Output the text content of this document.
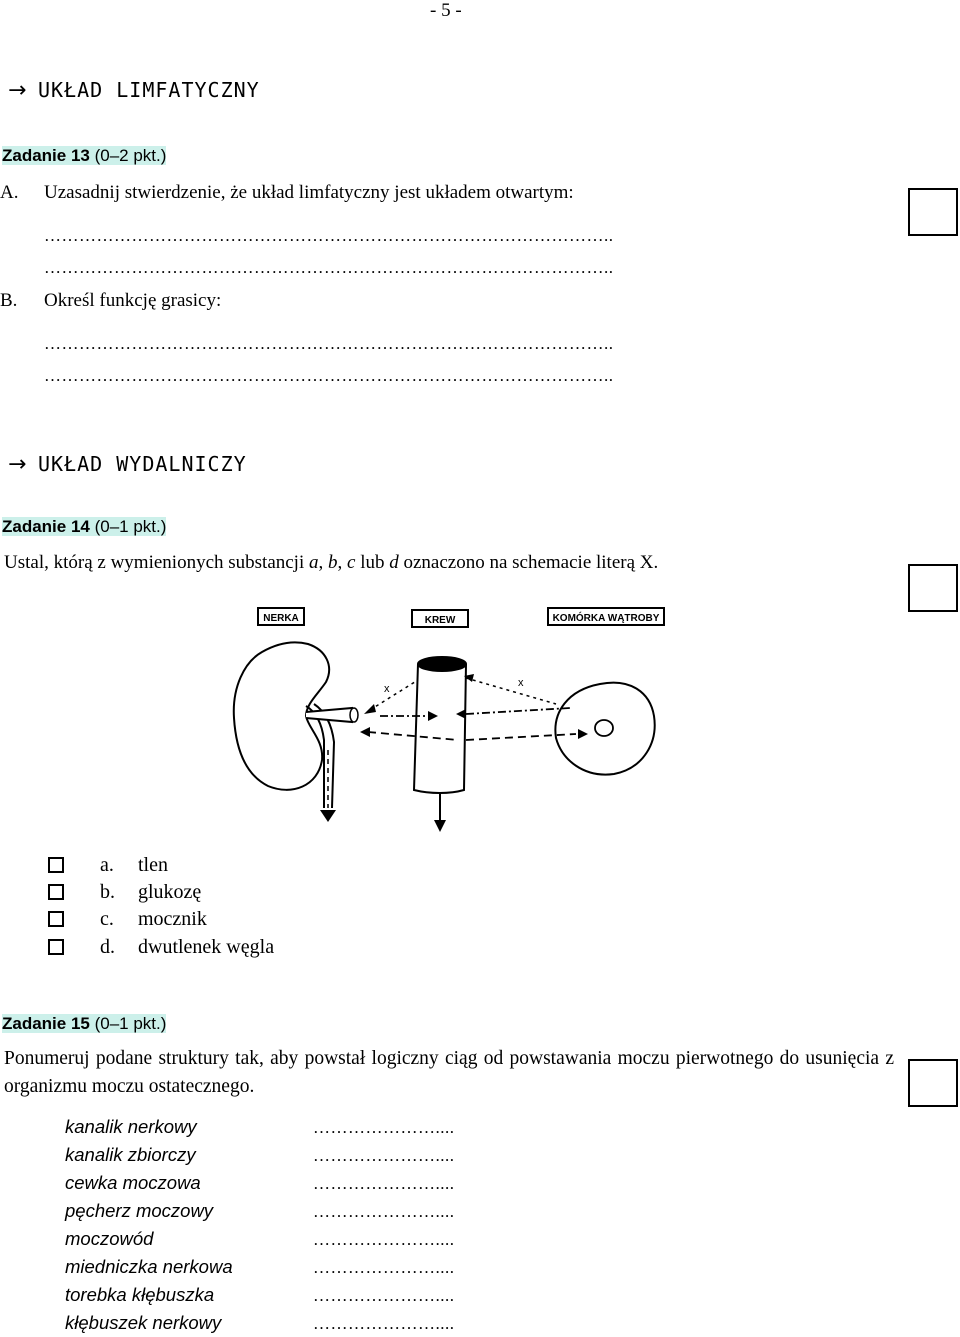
- 5 -
→ UKŁAD LIMFATYCZNY
Zadanie 13 (0–2 pkt.)
A. Uzasadnij stwierdzenie, że układ limfatyczny jest układem otwartym:
……………………………………………………………………………………..
……………………………………………………………………………………..
B. Określ funkcję grasicy:
……………………………………………………………………………………..
……………………………………………………………………………………..
→ UKŁAD WYDALNICZY
Zadanie 14 (0–1 pkt.)
Ustal, którą z wymienionych substancji a, b, c lub d oznaczono na schemacie literą X.
NERKA	KREW	KOMÓRKA WĄTROBY
x	x
a. tlen
b. glukozę
c. mocznik
d. dwutlenek węgla
Zadanie 15 (0–1 pkt.)
Ponumeruj podane struktury tak, aby powstał logiczny ciąg od powstawania moczu pierwotnego do usunięcia z organizmu moczu ostatecznego.
kanalik nerkowy	…………………....
kanalik zbiorczy	…………………....
cewka moczowa	…………………....
pęcherz moczowy	…………………....
moczowód	…………………....
miedniczka nerkowa	…………………....
torebka kłębuszka	…………………....
kłębuszek nerkowy	…………………....
